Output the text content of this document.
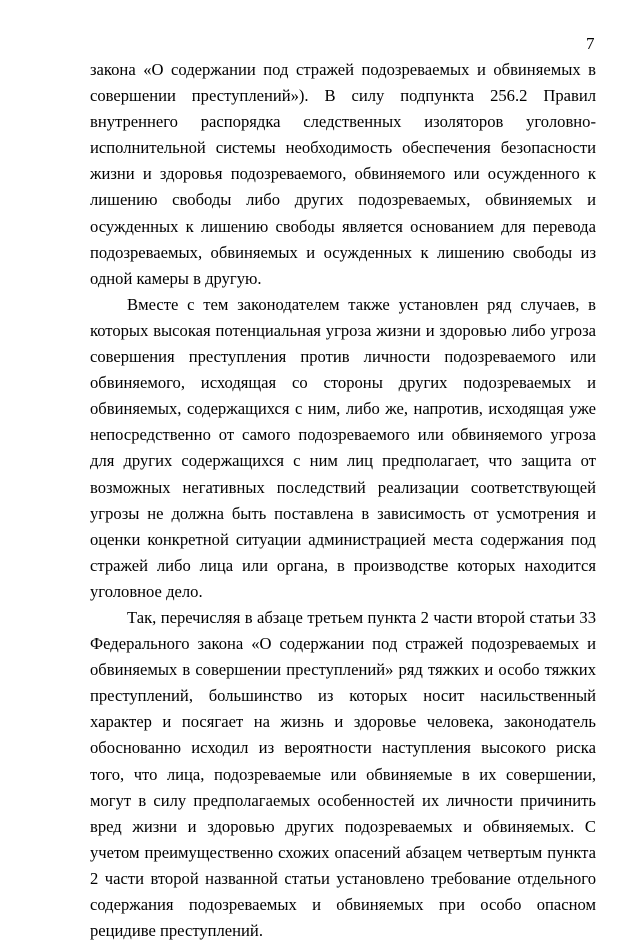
7

закона «О содержании под стражей подозреваемых и обвиняемых в совершении преступлений»). В силу подпункта 256.2 Правил внутреннего распорядка следственных изоляторов уголовно-исполнительной системы необходимость обеспечения безопасности жизни и здоровья подозреваемого, обвиняемого или осужденного к лишению свободы либо других подозреваемых, обвиняемых и осужденных к лишению свободы является основанием для перевода подозреваемых, обвиняемых и осужденных к лишению свободы из одной камеры в другую.

Вместе с тем законодателем также установлен ряд случаев, в которых высокая потенциальная угроза жизни и здоровью либо угроза совершения преступления против личности подозреваемого или обвиняемого, исходящая со стороны других подозреваемых и обвиняемых, содержащихся с ним, либо же, напротив, исходящая уже непосредственно от самого подозреваемого или обвиняемого угроза для других содержащихся с ним лиц предполагает, что защита от возможных негативных последствий реализации соответствующей угрозы не должна быть поставлена в зависимость от усмотрения и оценки конкретной ситуации администрацией места содержания под стражей либо лица или органа, в производстве которых находится уголовное дело.

Так, перечисляя в абзаце третьем пункта 2 части второй статьи 33 Федерального закона «О содержании под стражей подозреваемых и обвиняемых в совершении преступлений» ряд тяжких и особо тяжких преступлений, большинство из которых носит насильственный характер и посягает на жизнь и здоровье человека, законодатель обоснованно исходил из вероятности наступления высокого риска того, что лица, подозреваемые или обвиняемые в их совершении, могут в силу предполагаемых особенностей их личности причинить вред жизни и здоровью других подозреваемых и обвиняемых. С учетом преимущественно схожих опасений абзацем четвертым пункта 2 части второй названной статьи установлено требование отдельного содержания подозреваемых и обвиняемых при особо опасном рецидиве преступлений.
